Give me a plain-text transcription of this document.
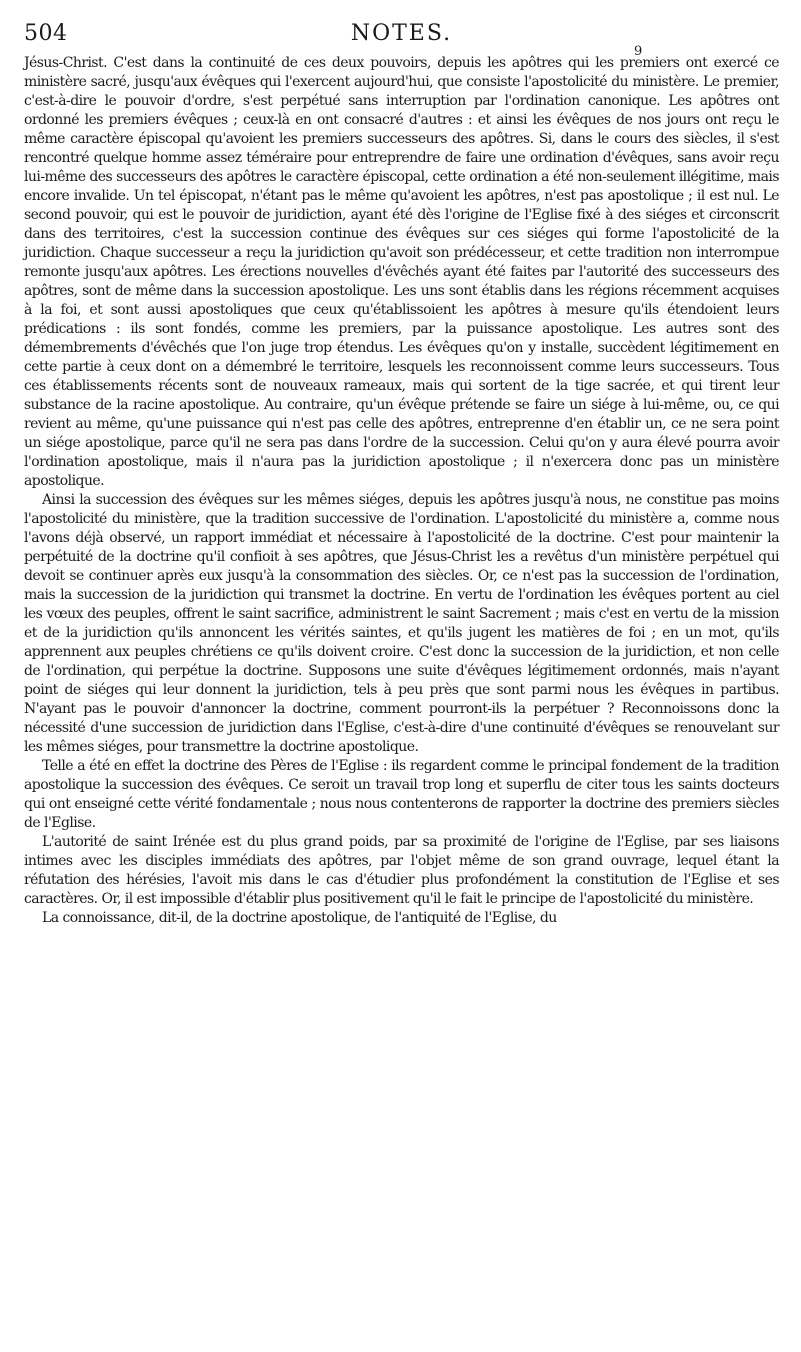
504	NOTES.
9

Jésus-Christ. C'est dans la continuité de ces deux pouvoirs, depuis les apôtres qui les premiers ont exercé ce ministère sacré, jusqu'aux évêques qui l'exercent aujourd'hui, que consiste l'apostolicité du ministère. Le premier, c'est-à-dire le pouvoir d'ordre, s'est perpétué sans interruption par l'ordination canonique. Les apôtres ont ordonné les premiers évêques ; ceux-là en ont consacré d'autres : et ainsi les évêques de nos jours ont reçu le même caractère épiscopal qu'avoient les premiers successeurs des apôtres. Si, dans le cours des siècles, il s'est rencontré quelque homme assez téméraire pour entreprendre de faire une ordination d'évêques, sans avoir reçu lui-même des successeurs des apôtres le caractère épiscopal, cette ordination a été non-seulement illégitime, mais encore invalide. Un tel épiscopat, n'étant pas le même qu'avoient les apôtres, n'est pas apostolique ; il est nul. Le second pouvoir, qui est le pouvoir de juridiction, ayant été dès l'origine de l'Eglise fixé à des siéges et circonscrit dans des territoires, c'est la succession continue des évêques sur ces siéges qui forme l'apostolicité de la juridiction. Chaque successeur a reçu la juridiction qu'avoit son prédécesseur, et cette tradition non interrompue remonte jusqu'aux apôtres. Les érections nouvelles d'évêchés ayant été faites par l'autorité des successeurs des apôtres, sont de même dans la succession apostolique. Les uns sont établis dans les régions récemment acquises à la foi, et sont aussi apostoliques que ceux qu'établissoient les apôtres à mesure qu'ils étendoient leurs prédications : ils sont fondés, comme les premiers, par la puissance apostolique. Les autres sont des démembrements d'évêchés que l'on juge trop étendus. Les évêques qu'on y installe, succèdent légitimement en cette partie à ceux dont on a démembré le territoire, lesquels les reconnoissent comme leurs successeurs. Tous ces établissements récents sont de nouveaux rameaux, mais qui sortent de la tige sacrée, et qui tirent leur substance de la racine apostolique. Au contraire, qu'un évêque prétende se faire un siége à lui-même, ou, ce qui revient au même, qu'une puissance qui n'est pas celle des apôtres, entreprenne d'en établir un, ce ne sera point un siége apostolique, parce qu'il ne sera pas dans l'ordre de la succession. Celui qu'on y aura élevé pourra avoir l'ordination apostolique, mais il n'aura pas la juridiction apostolique ; il n'exercera donc pas un ministère apostolique.

Ainsi la succession des évêques sur les mêmes siéges, depuis les apôtres jusqu'à nous, ne constitue pas moins l'apostolicité du ministère, que la tradition successive de l'ordination. L'apostolicité du ministère a, comme nous l'avons déjà observé, un rapport immédiat et nécessaire à l'apostolicité de la doctrine. C'est pour maintenir la perpétuité de la doctrine qu'il confioit à ses apôtres, que Jésus-Christ les a revêtus d'un ministère perpétuel qui devoit se continuer après eux jusqu'à la consommation des siècles. Or, ce n'est pas la succession de l'ordination, mais la succession de la juridiction qui transmet la doctrine. En vertu de l'ordination les évêques portent au ciel les vœux des peuples, offrent le saint sacrifice, administrent le saint Sacrement ; mais c'est en vertu de la mission et de la juridiction qu'ils annoncent les vérités saintes, et qu'ils jugent les matières de foi ; en un mot, qu'ils apprennent aux peuples chrétiens ce qu'ils doivent croire. C'est donc la succession de la juridiction, et non celle de l'ordination, qui perpétue la doctrine. Supposons une suite d'évêques légitimement ordonnés, mais n'ayant point de siéges qui leur donnent la juridiction, tels à peu près que sont parmi nous les évêques in partibus. N'ayant pas le pouvoir d'annoncer la doctrine, comment pourront-ils la perpétuer ? Reconnoissons donc la nécessité d'une succession de juridiction dans l'Eglise, c'est-à-dire d'une continuité d'évêques se renouvelant sur les mêmes siéges, pour transmettre la doctrine apostolique.

Telle a été en effet la doctrine des Pères de l'Eglise : ils regardent comme le principal fondement de la tradition apostolique la succession des évêques. Ce seroit un travail trop long et superflu de citer tous les saints docteurs qui ont enseigné cette vérité fondamentale ; nous nous contenterons de rapporter la doctrine des premiers siècles de l'Eglise.

L'autorité de saint Irénée est du plus grand poids, par sa proximité de l'origine de l'Eglise, par ses liaisons intimes avec les disciples immédiats des apôtres, par l'objet même de son grand ouvrage, lequel étant la réfutation des hérésies, l'avoit mis dans le cas d'étudier plus profondément la constitution de l'Eglise et ses caractères. Or, il est impossible d'établir plus positivement qu'il le fait le principe de l'apostolicité du ministère.

La connoissance, dit-il, de la doctrine apostolique, de l'antiquité de l'Eglise, du
